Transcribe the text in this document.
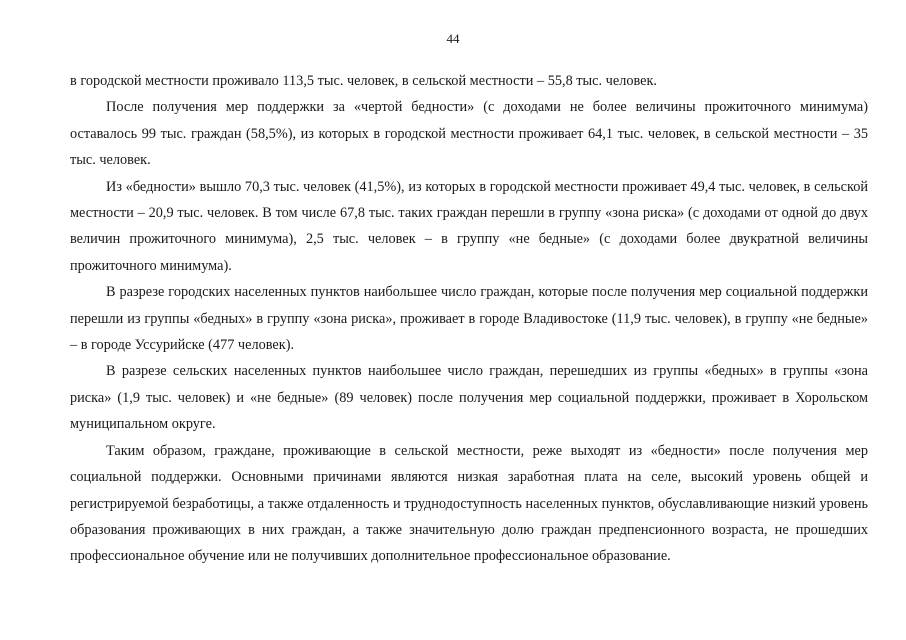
44

в городской местности проживало 113,5 тыс. человек, в сельской местности – 55,8 тыс. человек.

После получения мер поддержки за «чертой бедности» (с доходами не более величины прожиточного минимума) оставалось 99 тыс. граждан (58,5%), из которых в городской местности проживает 64,1 тыс. человек, в сельской местности – 35 тыс. человек.

Из «бедности» вышло 70,3 тыс. человек (41,5%), из которых в городской местности проживает 49,4 тыс. человек, в сельской местности – 20,9 тыс. человек. В том числе 67,8 тыс. таких граждан перешли в группу «зона риска» (с доходами от одной до двух величин прожиточного минимума), 2,5 тыс. человек – в группу «не бедные» (с доходами более двукратной величины прожиточного минимума).

В разрезе городских населенных пунктов наибольшее число граждан, которые после получения мер социальной поддержки перешли из группы «бедных» в группу «зона риска», проживает в городе Владивостоке (11,9 тыс. человек), в группу «не бедные» – в городе Уссурийске (477 человек).

В разрезе сельских населенных пунктов наибольшее число граждан, перешедших из группы «бедных» в группы «зона риска» (1,9 тыс. человек) и «не бедные» (89 человек) после получения мер социальной поддержки, проживает в Хорольском муниципальном округе.

Таким образом, граждане, проживающие в сельской местности, реже выходят из «бедности» после получения мер социальной поддержки. Основными причинами являются низкая заработная плата на селе, высокий уровень общей и регистрируемой безработицы, а также отдаленность и труднодоступность населенных пунктов, обуславливающие низкий уровень образования проживающих в них граждан, а также значительную долю граждан предпенсионного возраста, не прошедших профессиональное обучение или не получивших дополнительное профессиональное образование.
